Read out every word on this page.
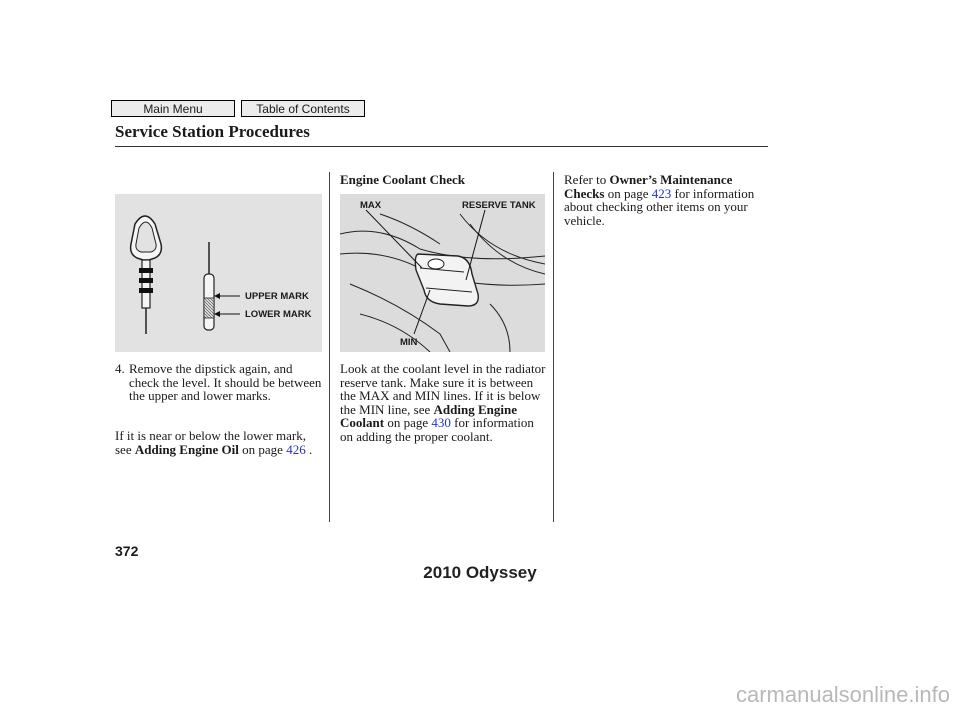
Main Menu	Table of Contents
Service Station Procedures
UPPER MARK
LOWER MARK
4. Remove the dipstick again, and check the level. It should be between the upper and lower marks.

If it is near or below the lower mark, see Adding Engine Oil on page 426 .

Engine Coolant Check
MAX	RESERVE TANK
MIN

Look at the coolant level in the radiator reserve tank. Make sure it is between the MAX and MIN lines. If it is below the MIN line, see Adding Engine Coolant on page 430 for information on adding the proper coolant.

Refer to Owner’s Maintenance Checks on page 423 for information about checking other items on your vehicle.

372
2010 Odyssey
carmanualsonline.info
